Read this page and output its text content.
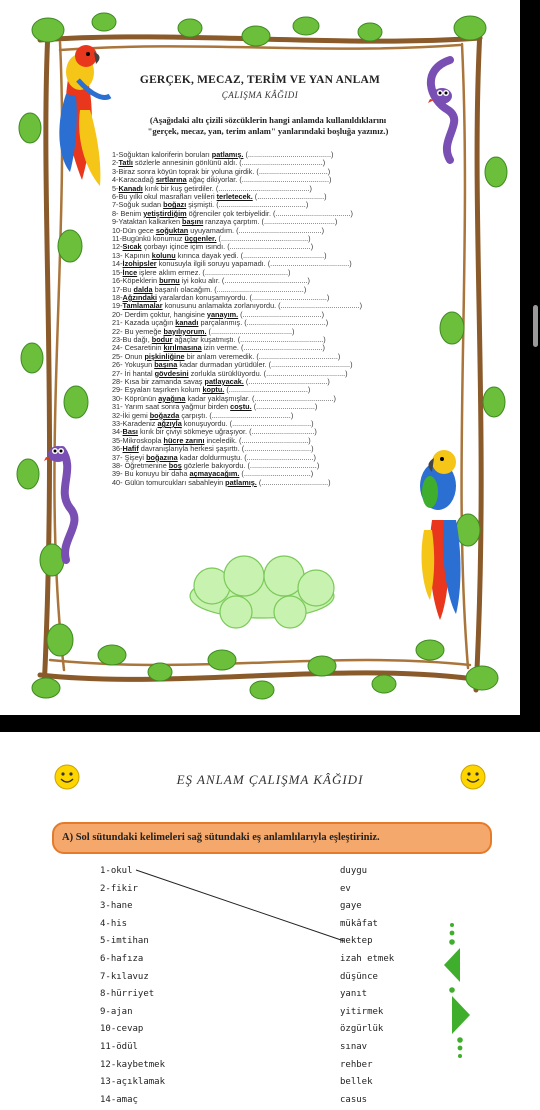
GERÇEK, MECAZ, TERİM VE YAN ANLAM
ÇALIŞMA KÂĞIDI
(Aşağıdaki altı çizili sözcüklerin hangi anlamda kullanıldıklarını
"gerçek, mecaz, yan, terim anlam" yanlarındaki boşluğa yazınız.)
1-Soğuktan kaloriferin boruları patlamış. (.........................................)
2-Tatlı sözlerle annesinin gönlünü aldı. (........................................)
3-Biraz sonra köyün toprak bir yoluna girdik. (..................................)
4-Karacadağ sırtlarına ağaç dikiyorlar. (...........................................)
5-Kanadı kırık bir kuş getirdiler. (.............................................)
6-Bu yılki okul masrafları velileri terletecek. (.................................)
7-Soğuk sudan boğazı şişmişti. (...........................................)
8- Benim yetiştirdiğim öğrenciler çok terbiyelidir. (.....................................)
9-Yataktan kalkarken başını ranzaya çarptım. (...................................)
10-Dün gece soğuktan uyuyamadım. (.........................................)
11-Bugünkü konumuz üçgenler. (...........................................)
12-Sıcak çorbayı içince içim ısındı. (........................................)
13- Kapının kolunu kırınca dayak yedi. (........................................)
14-İzohipsler konusuyla ilgili soruyu yapamadı. (.......................................)
15-İnce işlere aklım ermez. (.........................................)
16-Köpeklerin burnu iyi koku alır. (.........................................)
17-Bu dalda başarılı olacağım. (...........................................)
18-Ağzındaki yaralardan konuşamıyordu. (.....................................)
19-Tamlamalar konusunu anlamakta zorlanıyordu. (.......................................)
20- Derdim çoktur, hangisine yanayım. (.......................................)
21- Kazada uçağın kanadı parçalanmış. (.......................................)
22- Bu yemeğe bayılıyorum. (........................................)
23-Bu dağı, bodur ağaçlar kuşatmıştı. (.........................................)
24- Cesaretinin kırılmasına izin verme. (.......................................)
25- Onun pişkinliğine bir anlam veremedik. (.......................................)
26- Yokuşun başına kadar durmadan yürüdüler. (.......................................)
27- İri hantal gövdesini zorlukla sürüklüyordu. (.......................................)
28- Kısa bir zamanda savaş patlayacak. (.......................................)
29- Eşyaları taşırken kolum koptu. (.......................................)
30- Köprünün ayağına kadar yaklaşmışlar. (.......................................)
31- Yarım saat sonra yağmur birden coştu. (.............................)
32-İki gemi boğazda çarpıştı. (.......................................)
33-Karadeniz ağzıyla konuşuyordu. (.......................................)
34-Bası kırık bir çiviyi sökmeye uğraşıyor. (...............................)
35-Mikroskopla hücre zarını inceledik. (.................................)
36-Hafif davranışlarıyla herkesi şaşırttı. (.................................)
37- Şişeyi boğazına kadar doldurmuştu. (.................................)
38- Öğretmenine boş gözlerle bakıyordu. (.................................)
39- Bu konuyu bir daha açmayacağım. (.................................)
40- Gülün tomurcukları sabahleyin patlamış. (.................................)
EŞ ANLAM ÇALIŞMA KÂĞIDI
A) Sol sütundaki kelimeleri sağ sütundaki eş anlamlılarıyla eşleştiriniz.
1-okul
2-fikir
3-hane
4-his
5-imtihan
6-hafıza
7-kılavuz
8-hürriyet
9-ajan
10-cevap
11-ödül
12-kaybetmek
13-açıklamak
14-amaç
duygu
ev
gaye
mükâfat
mektep
izah etmek
düşünce
yanıt
yitirmek
özgürlük
sınav
rehber
bellek
casus
